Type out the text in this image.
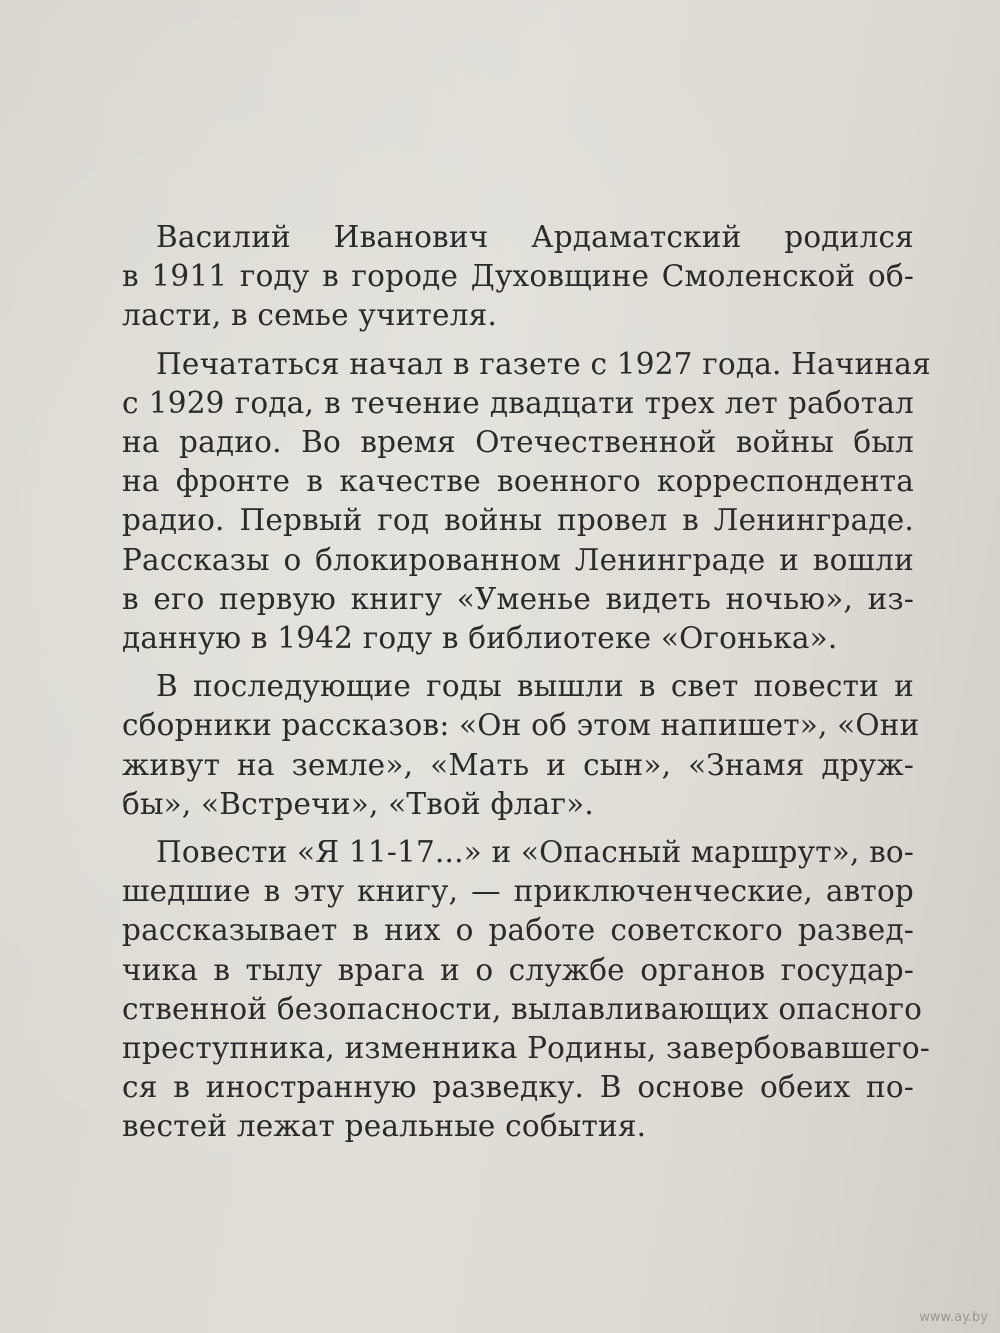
Василий Иванович Ардаматский родился
в 1911 году в городе Духовщине Смоленской об-
ласти, в семье учителя.
Печататься начал в газете с 1927 года. Начиная
с 1929 года, в течение двадцати трех лет работал
на радио. Во время Отечественной войны был
на фронте в качестве военного корреспондента
радио. Первый год войны провел в Ленинграде.
Рассказы о блокированном Ленинграде и вошли
в его первую книгу «Уменье видеть ночью», из-
данную в 1942 году в библиотеке «Огонька».
В последующие годы вышли в свет повести и
сборники рассказов: «Он об этом напишет», «Они
живут на земле», «Мать и сын», «Знамя друж-
бы», «Встречи», «Твой флаг».
Повести «Я 11-17...» и «Опасный маршрут», во-
шедшие в эту книгу, — приключенческие, автор
рассказывает в них о работе советского развед-
чика в тылу врага и о службе органов государ-
ственной безопасности, вылавливающих опасного
преступника, изменника Родины, завербовавшего-
ся в иностранную разведку. В основе обеих по-
вестей лежат реальные события.
www.ay.by
